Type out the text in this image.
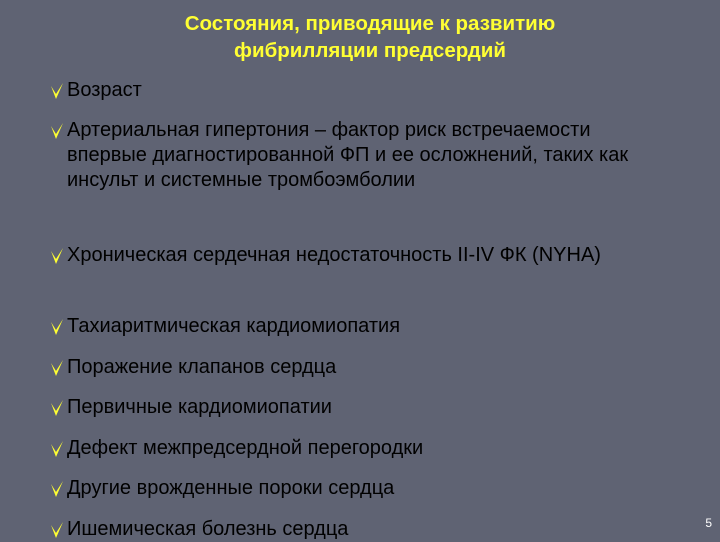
Состояния, приводящие к развитию
фибрилляции предсердий
Возраст
Артериальная гипертония – фактор риск встречаемости впервые диагностированной ФП и ее осложнений, таких как инсульт и системные тромбоэмболии
Хроническая сердечная недостаточность II-IV ФК (NYHA)
Тахиаритмическая кардиомиопатия
Поражение клапанов сердца
Первичные кардиомиопатии
Дефект межпредсердной перегородки
Другие врожденные пороки сердца
Ишемическая болезнь сердца	5
